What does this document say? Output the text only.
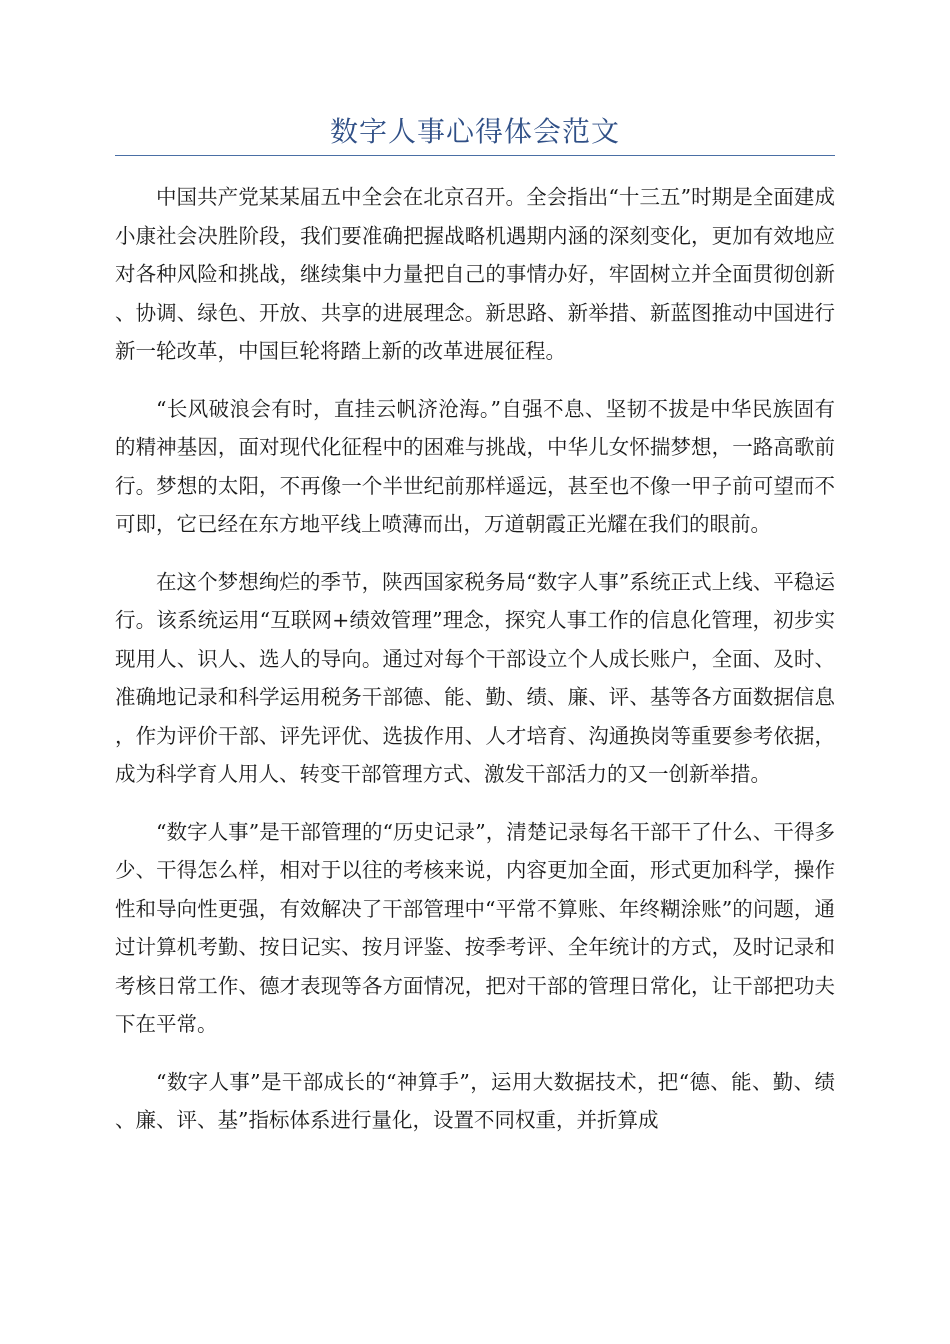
数字人事心得体会范文

中国共产党某某届五中全会在北京召开。全会指出“十三五”时期是全面建成小康社会决胜阶段，我们要准确把握战略机遇期内涵的深刻变化，更加有效地应对各种风险和挑战，继续集中力量把自己的事情办好，牢固树立并全面贯彻创新、协调、绿色、开放、共享的进展理念。新思路、新举措、新蓝图推动中国进行新一轮改革，中国巨轮将踏上新的改革进展征程。

“长风破浪会有时，直挂云帆济沧海。”自强不息、坚韧不拔是中华民族固有的精神基因，面对现代化征程中的困难与挑战，中华儿女怀揣梦想，一路高歌前行。梦想的太阳，不再像一个半世纪前那样遥远，甚至也不像一甲子前可望而不可即，它已经在东方地平线上喷薄而出，万道朝霞正光耀在我们的眼前。

在这个梦想绚烂的季节，陕西国家税务局“数字人事”系统正式上线、平稳运行。该系统运用“互联网+绩效管理”理念，探究人事工作的信息化管理，初步实现用人、识人、选人的导向。通过对每个干部设立个人成长账户，全面、及时、准确地记录和科学运用税务干部德、能、勤、绩、廉、评、基等各方面数据信息，作为评价干部、评先评优、选拔作用、人才培育、沟通换岗等重要参考依据，成为科学育人用人、转变干部管理方式、激发干部活力的又一创新举措。

“数字人事”是干部管理的“历史记录”，清楚记录每名干部干了什么、干得多少、干得怎么样，相对于以往的考核来说，内容更加全面，形式更加科学，操作性和导向性更强，有效解决了干部管理中“平常不算账、年终糊涂账”的问题，通过计算机考勤、按日记实、按月评鉴、按季考评、全年统计的方式，及时记录和考核日常工作、德才表现等各方面情况，把对干部的管理日常化，让干部把功夫下在平常。

“数字人事”是干部成长的“神算手”，运用大数据技术，把“德、能、勤、绩、廉、评、基”指标体系进行量化，设置不同权重，并折算成
